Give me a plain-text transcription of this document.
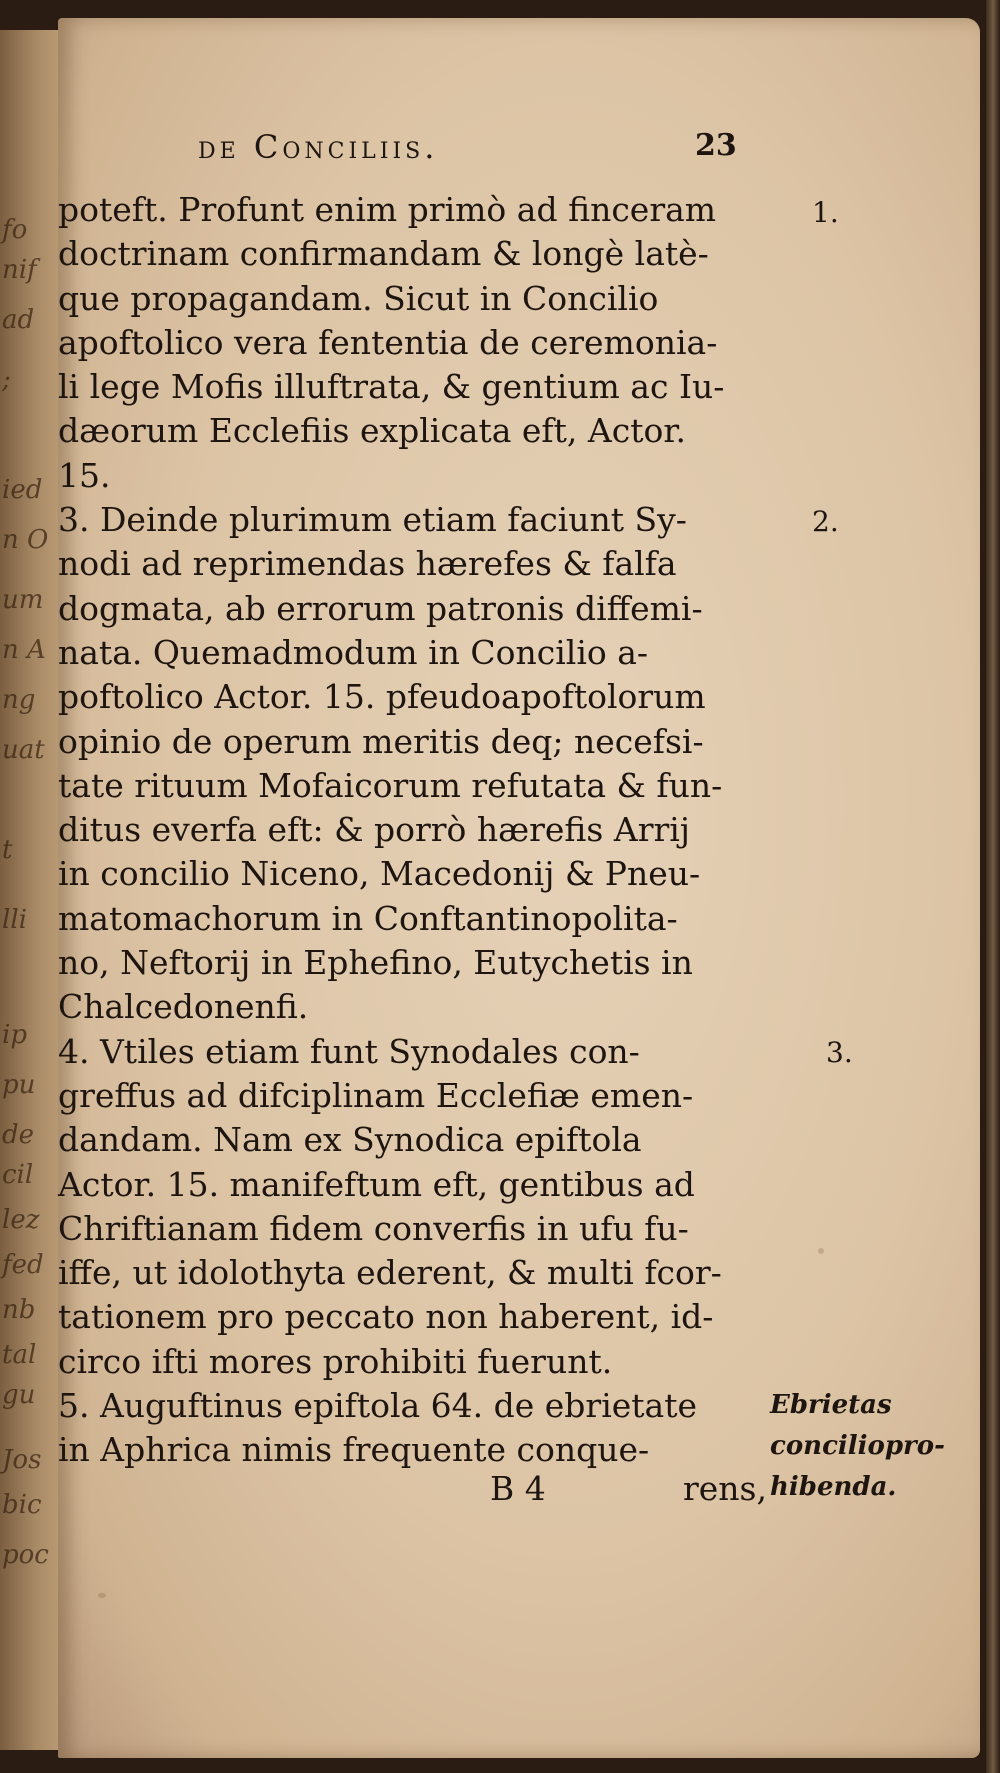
fo
nif
ad
;
ied
n O
um
n A
ng
uat
t
lli
ip
pu
de
cil
lez
fed
nb
tal
gu
Jos
bic
poc
de Conciliis.	23
poteft. Profunt enim primò ad finceram
doctrinam confirmandam & longè latè-
que propagandam. Sicut in Concilio
apoftolico vera fententia de ceremonia-
li lege Mofis illuftrata, & gentium ac Iu-
dæorum Ecclefiis explicata eft, Actor.
15.
3. Deinde plurimum etiam faciunt Sy-
nodi ad reprimendas hærefes & falfa
dogmata, ab errorum patronis diffemi-
nata. Quemadmodum in Concilio a-
poftolico Actor. 15. pfeudoapoftolorum
opinio de operum meritis deq; necefsi-
tate rituum Mofaicorum refutata & fun-
ditus everfa eft: & porrò hærefis Arrij
in concilio Niceno, Macedonij & Pneu-
matomachorum in Conftantinopolita-
no, Neftorij in Ephefino, Eutychetis in
Chalcedonenfi.
4. Vtiles etiam funt Synodales con-
greffus ad difciplinam Ecclefiæ emen-
dandam. Nam ex Synodica epiftola
Actor. 15. manifeftum eft, gentibus ad
Chriftianam fidem converfis in ufu fu-
iffe, ut idolothyta ederent, & multi fcor-
tationem pro peccato non haberent, id-
circo ifti mores prohibiti fuerunt.
5. Auguftinus epiftola 64. de ebrietate
in Aphrica nimis frequente conque-
1.
2.
3.
Ebrietas
conciliopro-
hibenda.
B 4	rens,
